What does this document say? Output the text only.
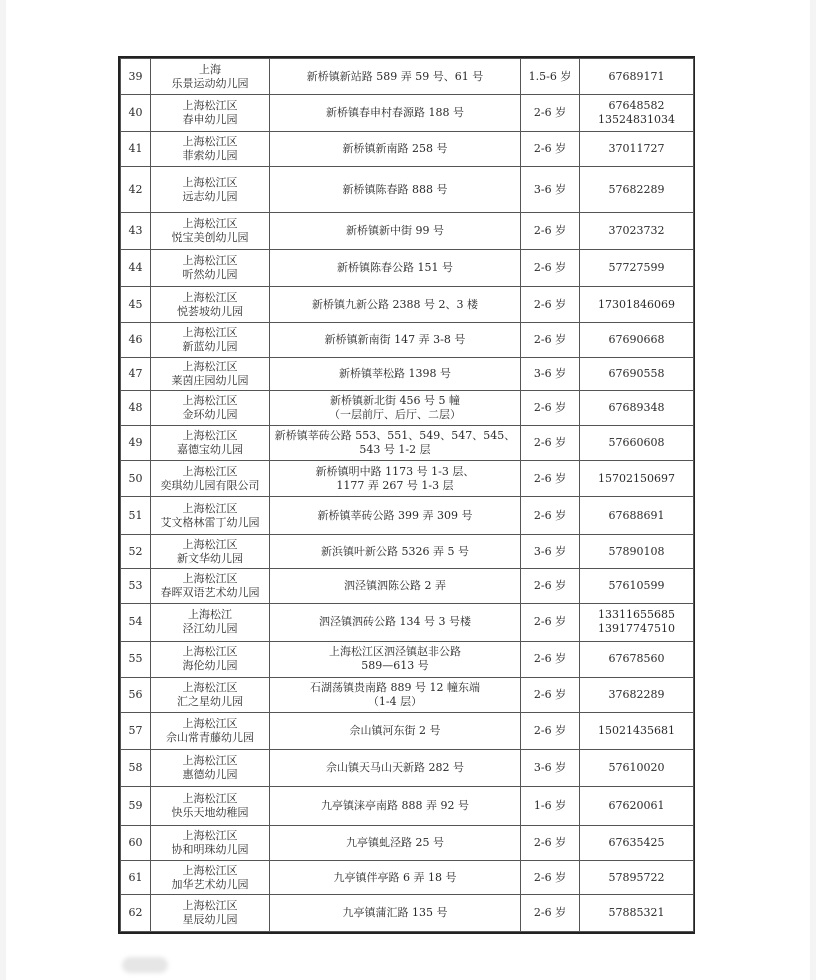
39	上海
乐景运动幼儿园	新桥镇新站路 589 弄 59 号、61 号	1.5-6 岁	67689171

40	上海松江区
春申幼儿园	新桥镇春申村春源路 188 号	2-6 岁	67648582
13524831034

41	上海松江区
菲索幼儿园	新桥镇新南路 258 号	2-6 岁	37011727

42	上海松江区
远志幼儿园	新桥镇陈春路 888 号	3-6 岁	57682289

43	上海松江区
悦宝美创幼儿园	新桥镇新中街 99 号	2-6 岁	37023732

44	上海松江区
听然幼儿园	新桥镇陈春公路 151 号	2-6 岁	57727599

45	上海松江区
悦荟坡幼儿园	新桥镇九新公路 2388 号 2、3 楼	2-6 岁	17301846069

46	上海松江区
新蓝幼儿园	新桥镇新南街 147 弄 3-8 号	2-6 岁	67690668

47	上海松江区
莱茵庄园幼儿园	新桥镇莘松路 1398 号	3-6 岁	67690558

48	上海松江区
金环幼儿园	新桥镇新北街 456 号 5 幢
（一层前厅、后厅、二层）	2-6 岁	67689348

49	上海松江区
嘉德宝幼儿园	新桥镇莘砖公路 553、551、549、547、545、
543 号 1-2 层	2-6 岁	57660608

50	上海松江区
奕琪幼儿园有限公司	新桥镇明中路 1173 号 1-3 层、
1177 弄 267 号 1-3 层	2-6 岁	15702150697

51	上海松江区
艾文格林雷丁幼儿园	新桥镇莘砖公路 399 弄 309 号	2-6 岁	67688691

52	上海松江区
新文华幼儿园	新浜镇叶新公路 5326 弄 5 号	3-6 岁	57890108

53	上海松江区
春晖双语艺术幼儿园	泗泾镇泗陈公路 2 弄	2-6 岁	57610599

54	上海松江
泾江幼儿园	泗泾镇泗砖公路 134 号 3 号楼	2-6 岁	13311655685
13917747510

55	上海松江区
海伦幼儿园	上海松江区泗泾镇赵非公路
589—613 号	2-6 岁	67678560

56	上海松江区
汇之星幼儿园	石湖荡镇贵南路 889 号 12 幢东端
（1-4 层）	2-6 岁	37682289

57	上海松江区
佘山常青藤幼儿园	佘山镇河东街 2 号	2-6 岁	15021435681

58	上海松江区
惠德幼儿园	佘山镇天马山天新路 282 号	3-6 岁	57610020

59	上海松江区
快乐天地幼稚园	九亭镇涞亭南路 888 弄 92 号	1-6 岁	67620061

60	上海松江区
协和明珠幼儿园	九亭镇虬泾路 25 号	2-6 岁	67635425

61	上海松江区
加华艺术幼儿园	九亭镇伴亭路 6 弄 18 号	2-6 岁	57895722

62	上海松江区
星辰幼儿园	九亭镇蒲汇路 135 号	2-6 岁	57885321
